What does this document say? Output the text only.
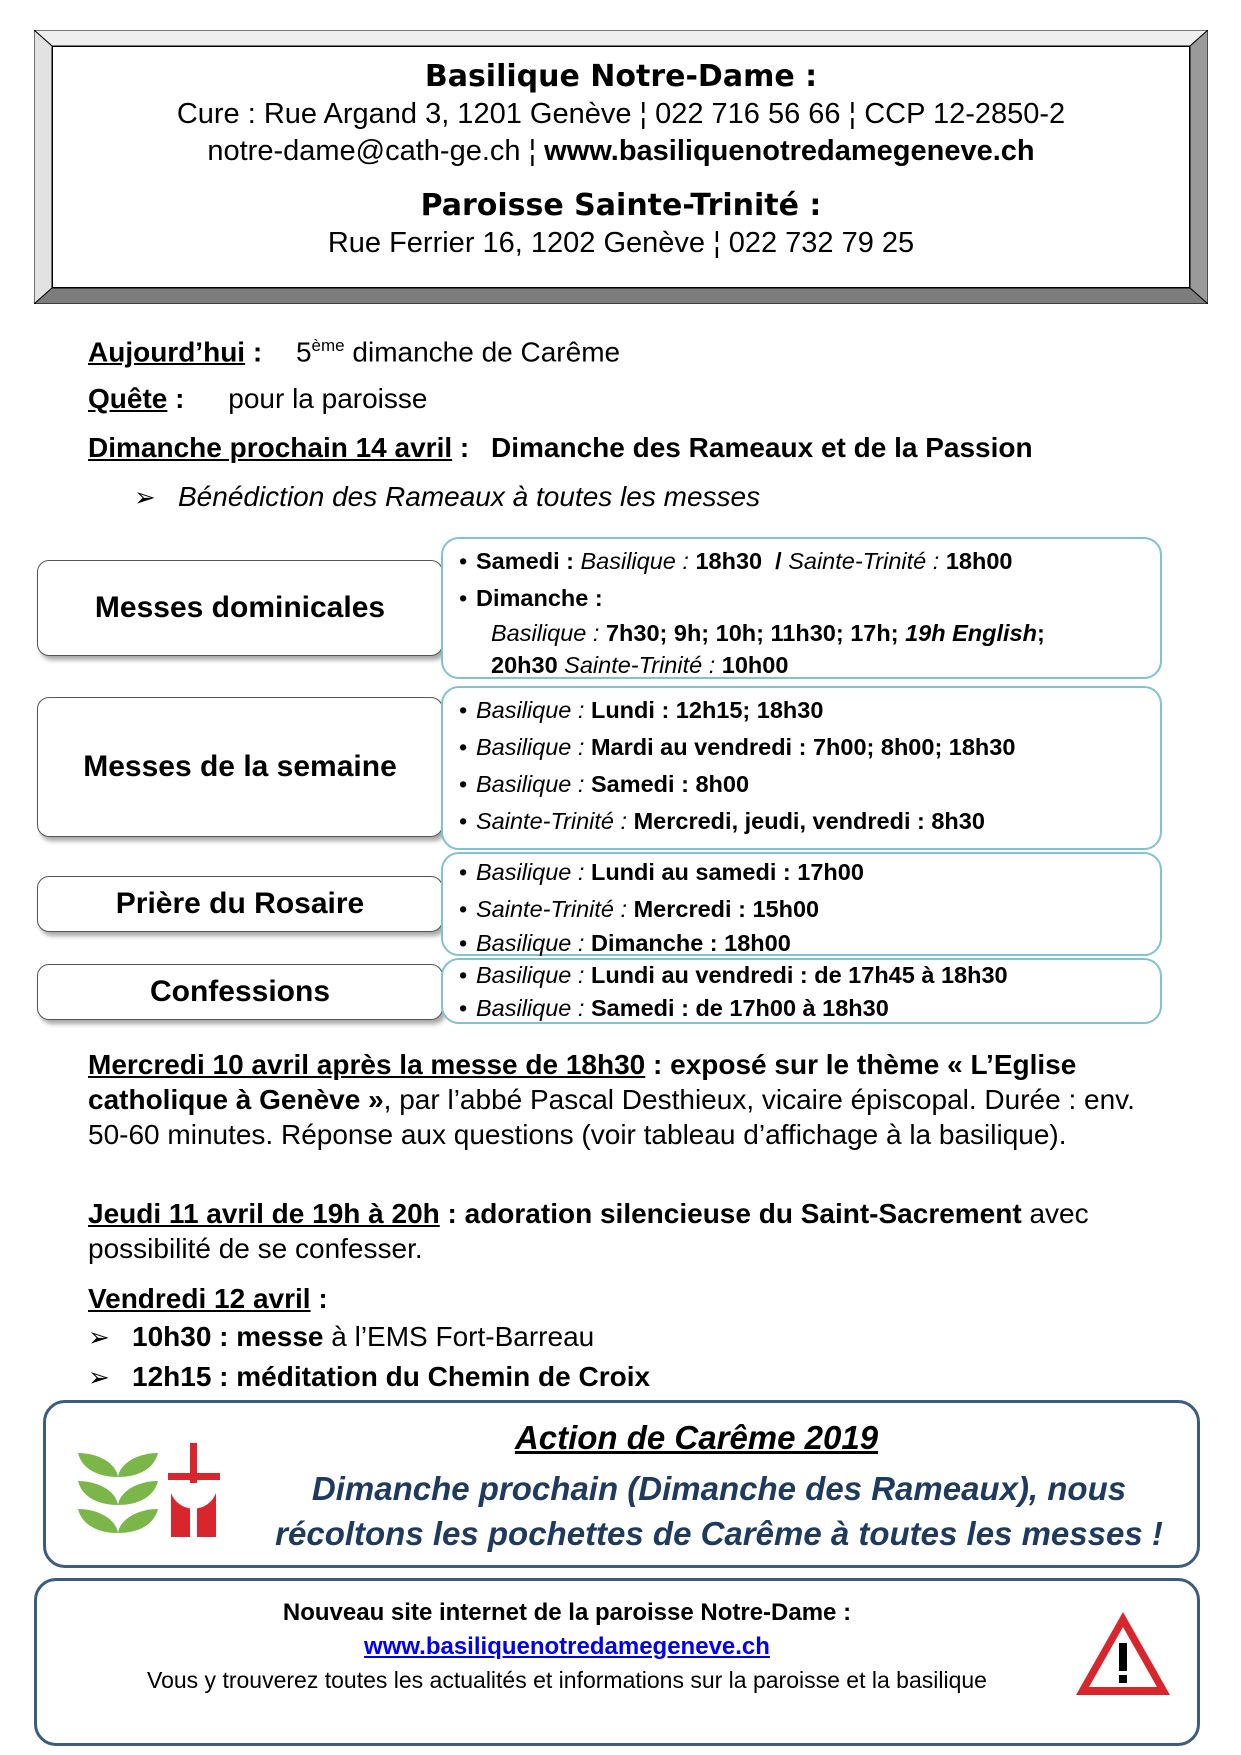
Basilique Notre-Dame :
Cure : Rue Argand 3, 1201 Genève ¦ 022 716 56 66 ¦ CCP 12-2850-2
notre-dame@cath-ge.ch ¦ www.basiliquenotredamegeneve.ch
Paroisse Sainte-Trinité :
Rue Ferrier 16, 1202 Genève ¦ 022 732 79 25
Aujourd’hui : 5ème dimanche de Carême
Quête : pour la paroisse
Dimanche prochain 14 avril : Dimanche des Rameaux et de la Passion
➢ Bénédiction des Rameaux à toutes les messes
Messes dominicales
• Samedi : Basilique : 18h30 / Sainte-Trinité : 18h00
• Dimanche :
Basilique : 7h30; 9h; 10h; 11h30; 17h; 19h English;
20h30 Sainte-Trinité : 10h00
Messes de la semaine
• Basilique : Lundi : 12h15; 18h30
• Basilique : Mardi au vendredi : 7h00; 8h00; 18h30
• Basilique : Samedi : 8h00
• Sainte-Trinité : Mercredi, jeudi, vendredi : 8h30
Prière du Rosaire
• Basilique : Lundi au samedi : 17h00
• Sainte-Trinité : Mercredi : 15h00
• Basilique : Dimanche : 18h00
Confessions	• Basilique : Lundi au vendredi : de 17h45 à 18h30
• Basilique : Samedi : de 17h00 à 18h30
Mercredi 10 avril après la messe de 18h30 : exposé sur le thème « L’Eglise catholique à Genève », par l’abbé Pascal Desthieux, vicaire épiscopal. Durée : env. 50-60 minutes. Réponse aux questions (voir tableau d’affichage à la basilique).
Jeudi 11 avril de 19h à 20h : adoration silencieuse du Saint-Sacrement avec possibilité de se confesser.
Vendredi 12 avril :
➢ 10h30 : messe à l’EMS Fort-Barreau
➢ 12h15 : méditation du Chemin de Croix
Action de Carême 2019
Dimanche prochain (Dimanche des Rameaux), nous récoltons les pochettes de Carême à toutes les messes !
Nouveau site internet de la paroisse Notre-Dame :
www.basiliquenotredamegeneve.ch
Vous y trouverez toutes les actualités et informations sur la paroisse et la basilique
